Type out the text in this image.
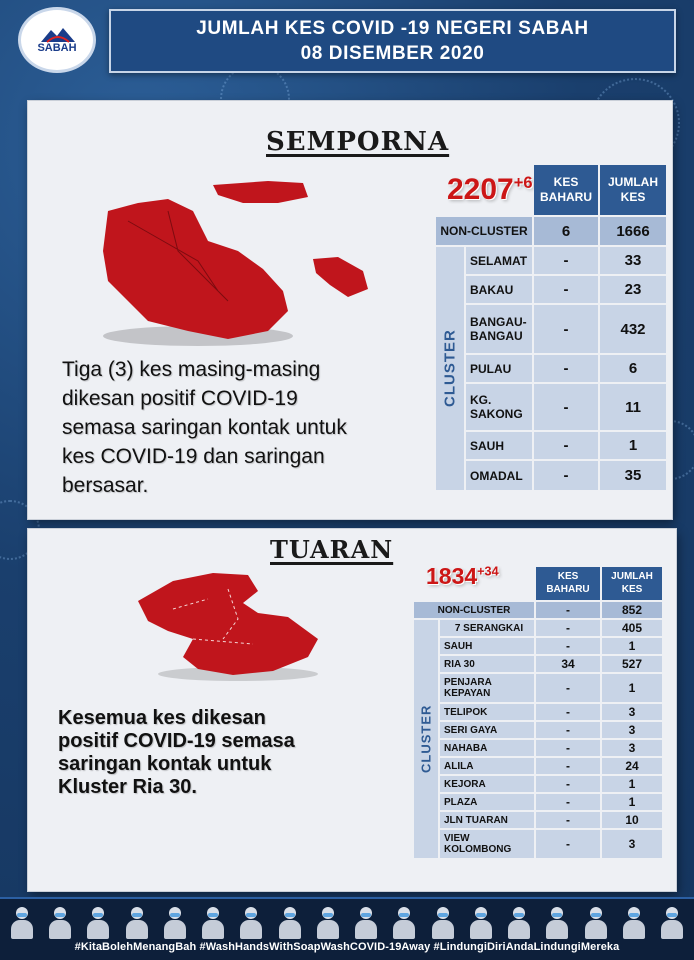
SABAH
JUMLAH KES COVID -19 NEGERI SABAH
08 DISEMBER 2020
SEMPORNA
$2207^{+6}$
Tiga (3) kes masing-masing
dikesan positif COVID-19
semasa saringan kontak untuk
kes COVID-19 dan saringan
bersasar.
KES BAHARU
JUMLAH KES
NON-CLUSTER	6	1666
CLUSTER
SELAMAT	-	33
BAKAU	-	23
BANGAU-BANGAU	-	432
PULAU	-	6
KG. SAKONG	-	11
SAUH	-	1
OMADAL	-	35
TUARAN
$1834^{+34}$
Kesemua kes dikesan
positif COVID-19 semasa
saringan kontak untuk
Kluster Ria 30.
KES BAHARU
JUMLAH KES
NON-CLUSTER	-	852
CLUSTER
7 SERANGKAI	-	405
SAUH	-	1
RIA 30	34	527
PENJARA KEPAYAN	-	1
TELIPOK	-	3
SERI GAYA	-	3
NAHABA	-	3
ALILA	-	24
KEJORA	-	1
PLAZA	-	1
JLN TUARAN	-	10
VIEW KOLOMBONG	-	3
#KitaBolehMenangBah #WashHandsWithSoapWashCOVID-19Away #LindungiDiriAndaLindungiMereka
